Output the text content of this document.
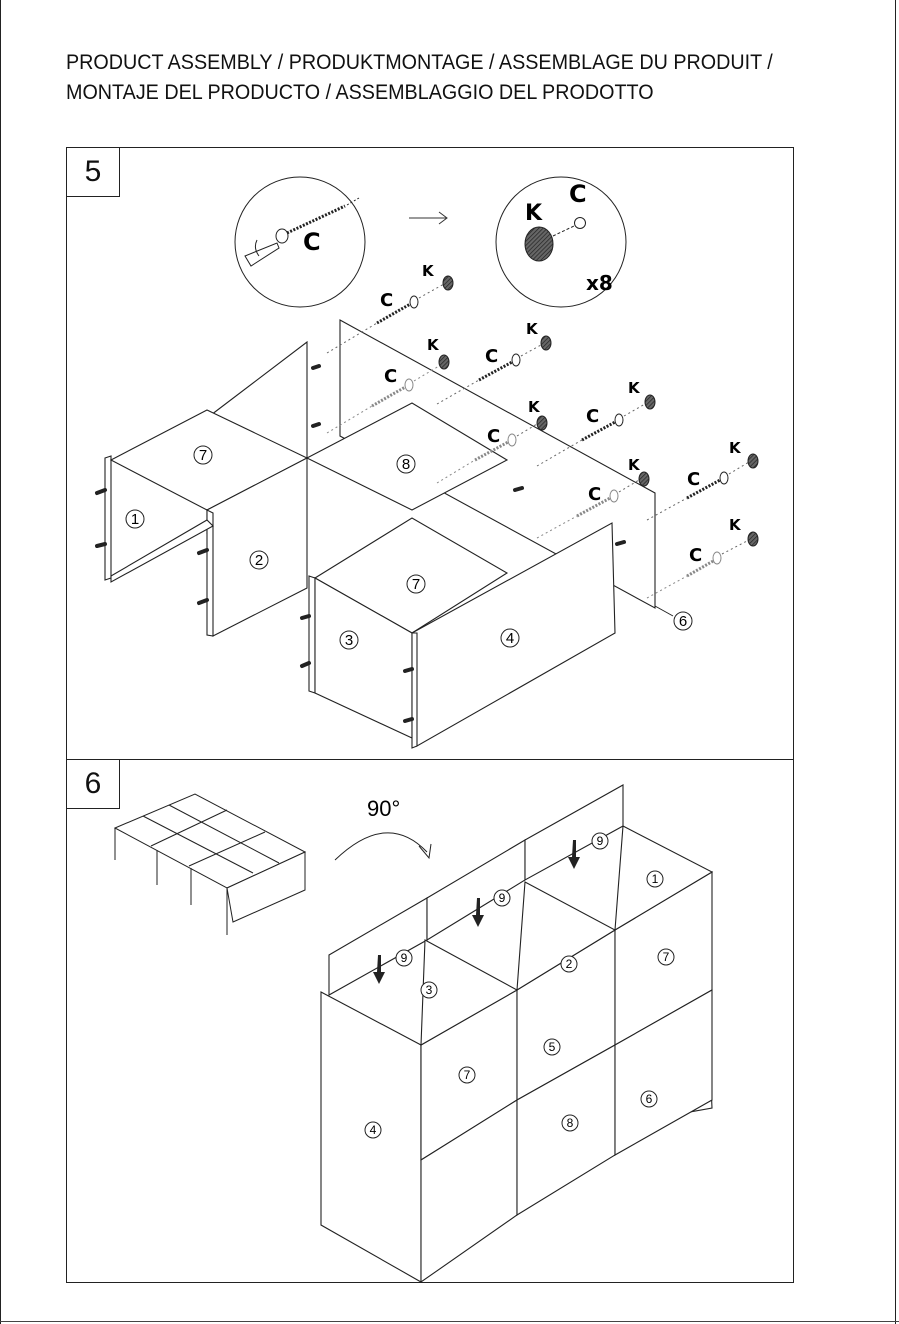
PRODUCT ASSEMBLY / PRODUKTMONTAGE / ASSEMBLAGE DU PRODUIT /
MONTAJE DEL PRODUCTO / ASSEMBLAGGIO DEL PRODOTTO
5
C
K
C
x8
C
K
C
K
C
K
C
K
C
K
C
K
C
K
C
K
1
2
3	4
6
7
7
8
6
90°
1
2
3
4
5
6
7
7
8
9
9
9
